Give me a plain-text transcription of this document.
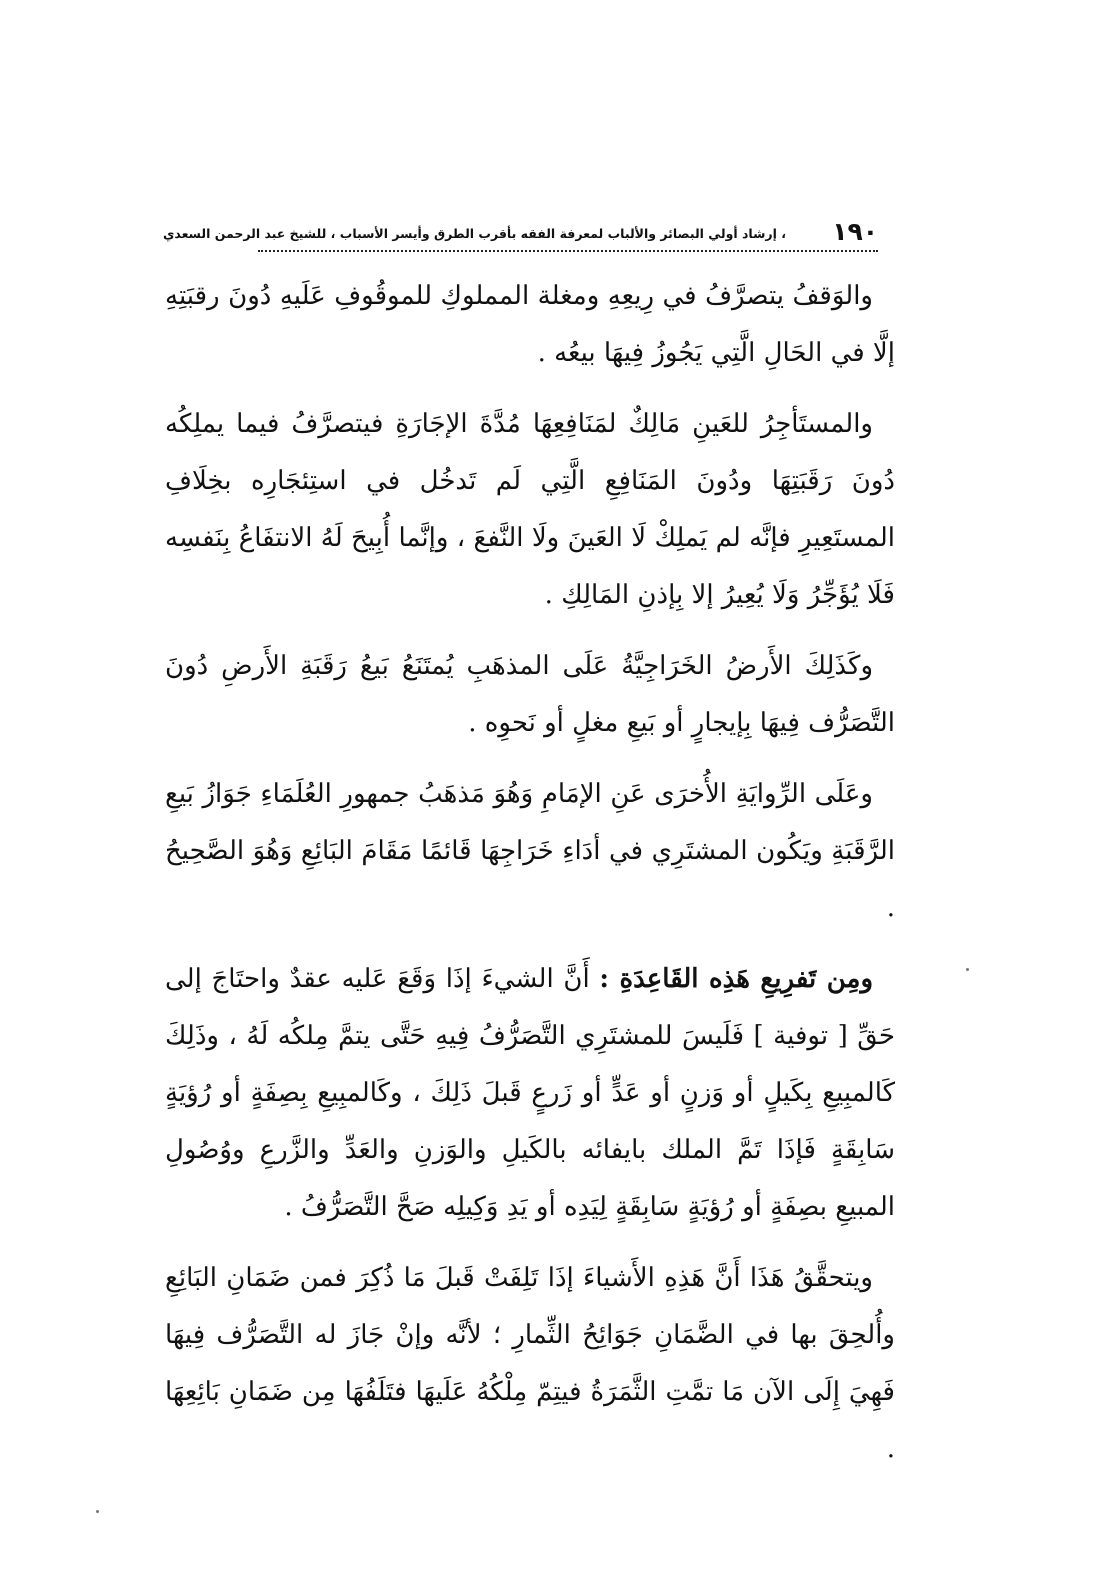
١٩٠
، إرشاد أولي البصائر والألباب لمعرفة الفقه بأقرب الطرق وأيسر الأسباب ، للشيخ عبد الرحمن السعدي

والوَقفُ يتصرَّفُ في رِيعِهِ ومغلة المملوكِ للموقُوفِ عَلَيهِ دُونَ رقبَتِهِ إلَّا في الحَالِ الَّتِي يَجُوزُ فِيهَا بيعُه .

والمستَأجِرُ للعَينِ مَالِكٌ لمَنَافِعِهَا مُدَّةَ الإجَارَةِ فيتصرَّفُ فيما يملِكُه دُونَ رَقَبَتِهَا ودُونَ المَنَافِعِ الَّتِي لَم تَدخُل في استِئجَارِه بخِلَافِ المستَعِيرِ فإنَّه لم يَملِكْ لَا العَينَ ولَا النَّفعَ ، وإنَّما أُبِيحَ لَهُ الانتفَاعُ بِنَفسِه فَلَا يُؤَجِّرُ وَلَا يُعِيرُ إلا بِإذنِ المَالِكِ .

وكَذَلِكَ الأَرضُ الخَرَاجِيَّةُ عَلَى المذهَبِ يُمتَنَعُ بَيعُ رَقَبَةِ الأَرضِ دُونَ التَّصَرُّف فِيهَا بِإيجارٍ أو بَيعِ مغلٍ أو نَحوِه .

وعَلَى الرِّوايَةِ الأُخرَى عَنِ الإمَامِ وَهُوَ مَذهَبُ جمهورِ العُلَمَاءِ جَوَازُ بَيعِ الرَّقَبَةِ ويَكُون المشتَرِي في أدَاءِ خَرَاجِهَا قَائمًا مَقَامَ البَائِعِ وَهُوَ الصَّحِيحُ .

ومِن تَفرِيعِ هَذِه القَاعِدَةِ : أَنَّ الشيءَ إذَا وَقَعَ عَليه عقدٌ واحتَاجَ إلى حَقِّ [ توفية ] فَلَيسَ للمشتَرِي التَّصَرُّفُ فِيهِ حَتَّى يتمَّ مِلكُه لَهُ ، وذَلِكَ كَالمبِيعِ بِكَيلٍ أو وَزنٍ أو عَدٍّ أو زَرعٍ قَبلَ ذَلِكَ ، وكَالمبِيعِ بِصِفَةٍ أو رُؤيَةٍ سَابِقَةٍ فَإذَا تَمَّ الملك بايفائه بالكَيلِ والوَزنِ والعَدِّ والزَّرعِ ووُصُولِ المبيعِ بصِفَةٍ أو رُؤيَةٍ سَابِقَةٍ لِيَدِه أو يَدِ وَكِيلِه صَحَّ التَّصَرُّفُ .

ويتحقَّقُ هَذَا أَنَّ هَذِهِ الأَشياءَ إذَا تَلِفَتْ قَبلَ مَا ذُكِرَ فمن ضَمَانِ البَائِعِ وأُلحِقَ بها في الضَّمَانِ جَوَائِحُ الثِّمارِ ؛ لأنَّه وإنْ جَازَ له التَّصَرُّف فِيهَا فَهِيَ إِلَى الآن مَا تمَّتِ الثَّمَرَةُ فيتِمّ مِلْكُهُ عَلَيهَا فتَلَفُهَا مِن ضَمَانِ بَائِعِهَا .
